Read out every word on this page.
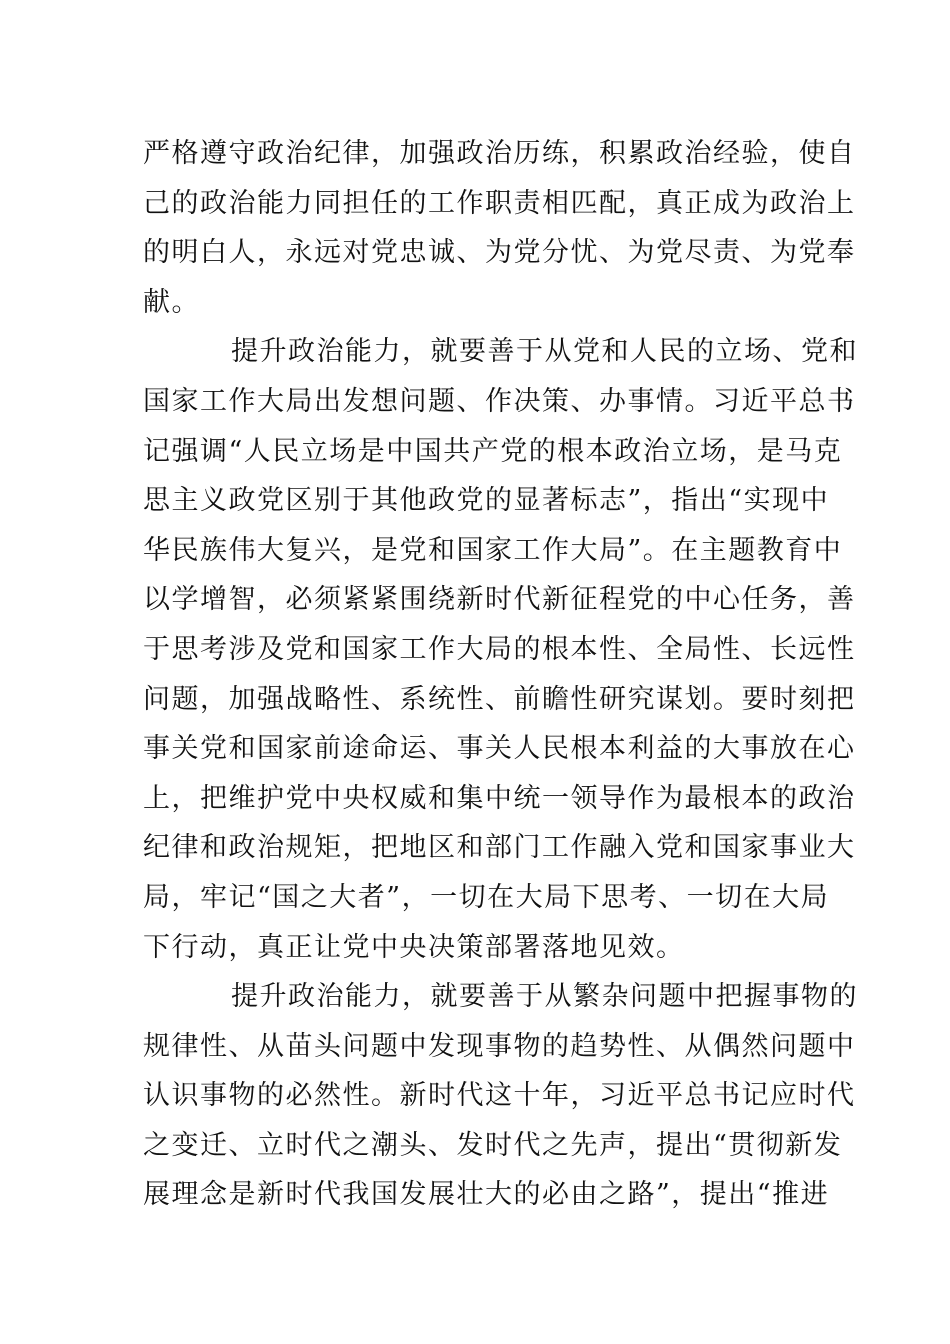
严格遵守政治纪律，加强政治历练，积累政治经验，使自
己的政治能力同担任的工作职责相匹配，真正成为政治上
的明白人，永远对党忠诚、为党分忧、为党尽责、为党奉
献。
提升政治能力，就要善于从党和人民的立场、党和
国家工作大局出发想问题、作决策、办事情。习近平总书
记强调“人民立场是中国共产党的根本政治立场，是马克
思主义政党区别于其他政党的显著标志”，指出“实现中
华民族伟大复兴，是党和国家工作大局”。在主题教育中
以学增智，必须紧紧围绕新时代新征程党的中心任务，善
于思考涉及党和国家工作大局的根本性、全局性、长远性
问题，加强战略性、系统性、前瞻性研究谋划。要时刻把
事关党和国家前途命运、事关人民根本利益的大事放在心
上，把维护党中央权威和集中统一领导作为最根本的政治
纪律和政治规矩，把地区和部门工作融入党和国家事业大
局，牢记“国之大者”，一切在大局下思考、一切在大局
下行动，真正让党中央决策部署落地见效。
提升政治能力，就要善于从繁杂问题中把握事物的
规律性、从苗头问题中发现事物的趋势性、从偶然问题中
认识事物的必然性。新时代这十年，习近平总书记应时代
之变迁、立时代之潮头、发时代之先声，提出“贯彻新发
展理念是新时代我国发展壮大的必由之路”，提出“推进
